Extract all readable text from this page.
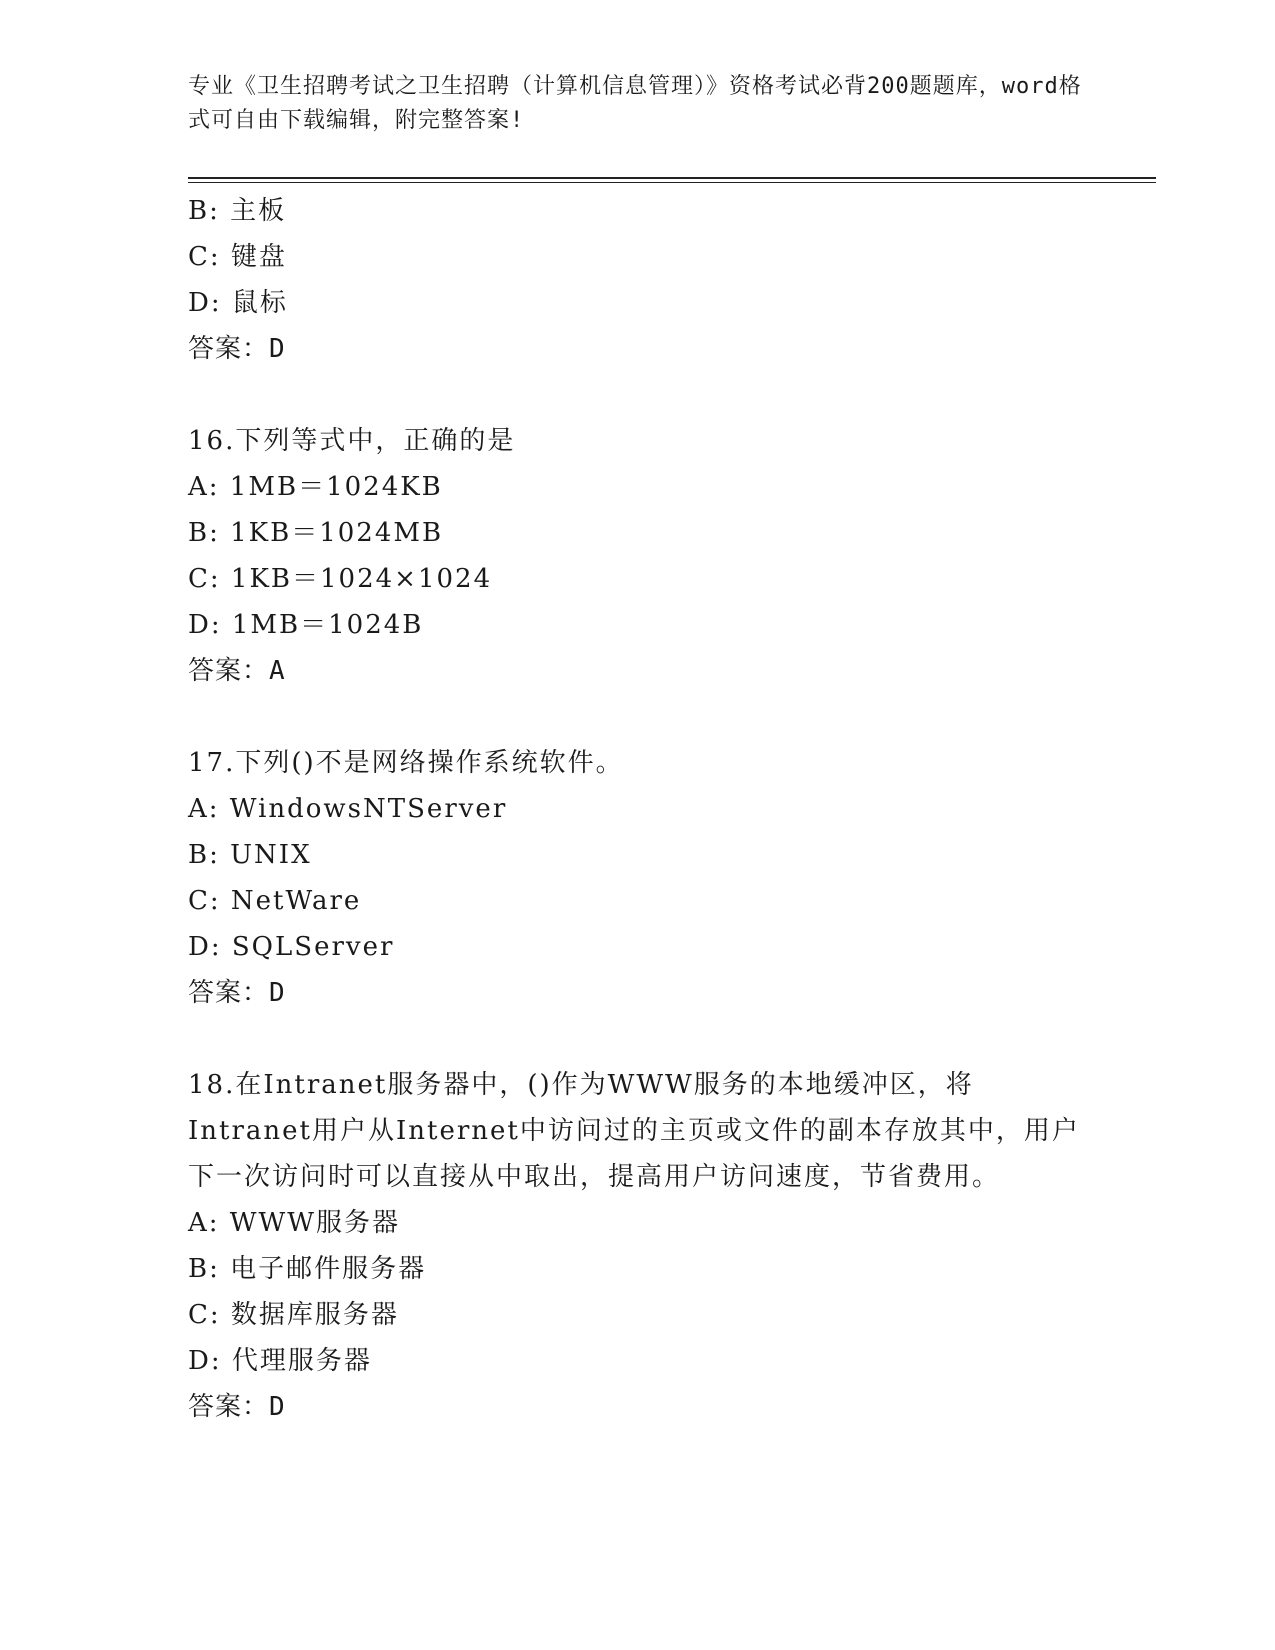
专业《卫生招聘考试之卫生招聘（计算机信息管理）》资格考试必背200题题库，word格式可自由下载编辑，附完整答案!
B: 主板
C: 键盘
D: 鼠标
答案：D
16.下列等式中，正确的是
A: 1MB＝1024KB
B: 1KB＝1024MB
C: 1KB＝1024×1024
D: 1MB＝1024B
答案：A
17.下列()不是网络操作系统软件。
A: WindowsNTServer
B: UNIX
C: NetWare
D: SQLServer
答案：D
18.在Intranet服务器中，()作为WWW服务的本地缓冲区，将Intranet用户从Internet中访问过的主页或文件的副本存放其中，用户下一次访问时可以直接从中取出，提高用户访问速度，节省费用。
A: WWW服务器
B: 电子邮件服务器
C: 数据库服务器
D: 代理服务器
答案：D
